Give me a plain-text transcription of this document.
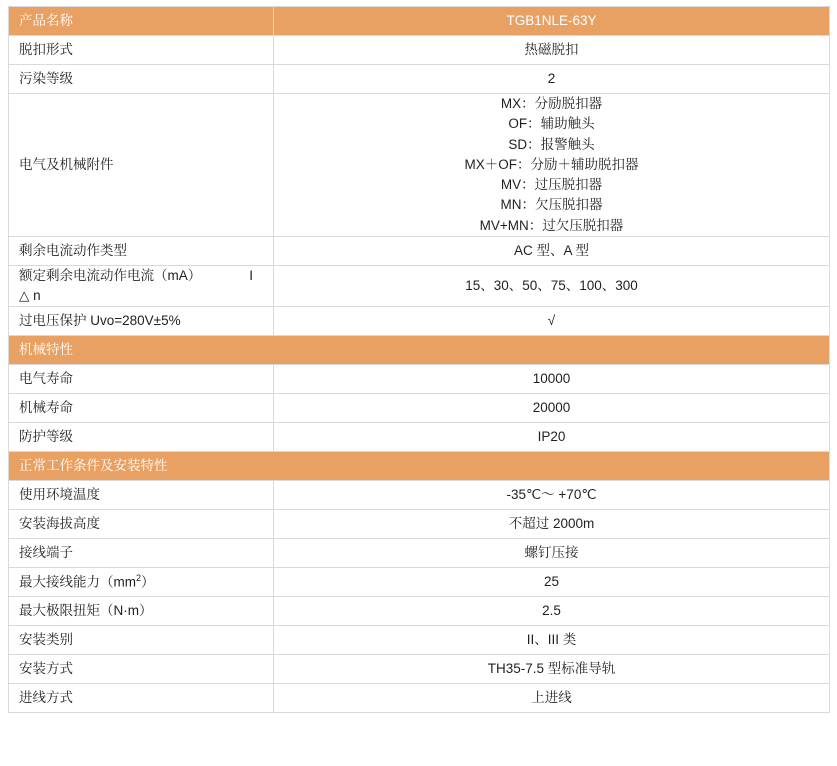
产品名称	TGB1NLE-63Y
脱扣形式	热磁脱扣
污染等级	2
电气及机械附件	
MX：分励脱扣器
OF：辅助触头
SD：报警触头
MX＋OF：分励＋辅助脱扣器
MV：过压脱扣器
MN：欠压脱扣器
MV+MN：过欠压脱扣器

剩余电流动作类型	AC 型、A 型
额定剩余电流动作电流（mA） I △ n	15、30、50、75、100、300
过电压保护 Uvo=280V±5%	√
机械特性	
电气寿命	10000
机械寿命	20000
防护等级	IP20
正常工作条件及安装特性	
使用环境温度	-35℃～ +70℃
安装海拔高度	不超过 2000m
接线端子	螺钉压接
最大接线能力$(mm^2)$	25
最大极限扭矩（N·m）	2.5
安装类别	II、III 类
安装方式	TH35-7.5 型标准导轨
进线方式	上进线
